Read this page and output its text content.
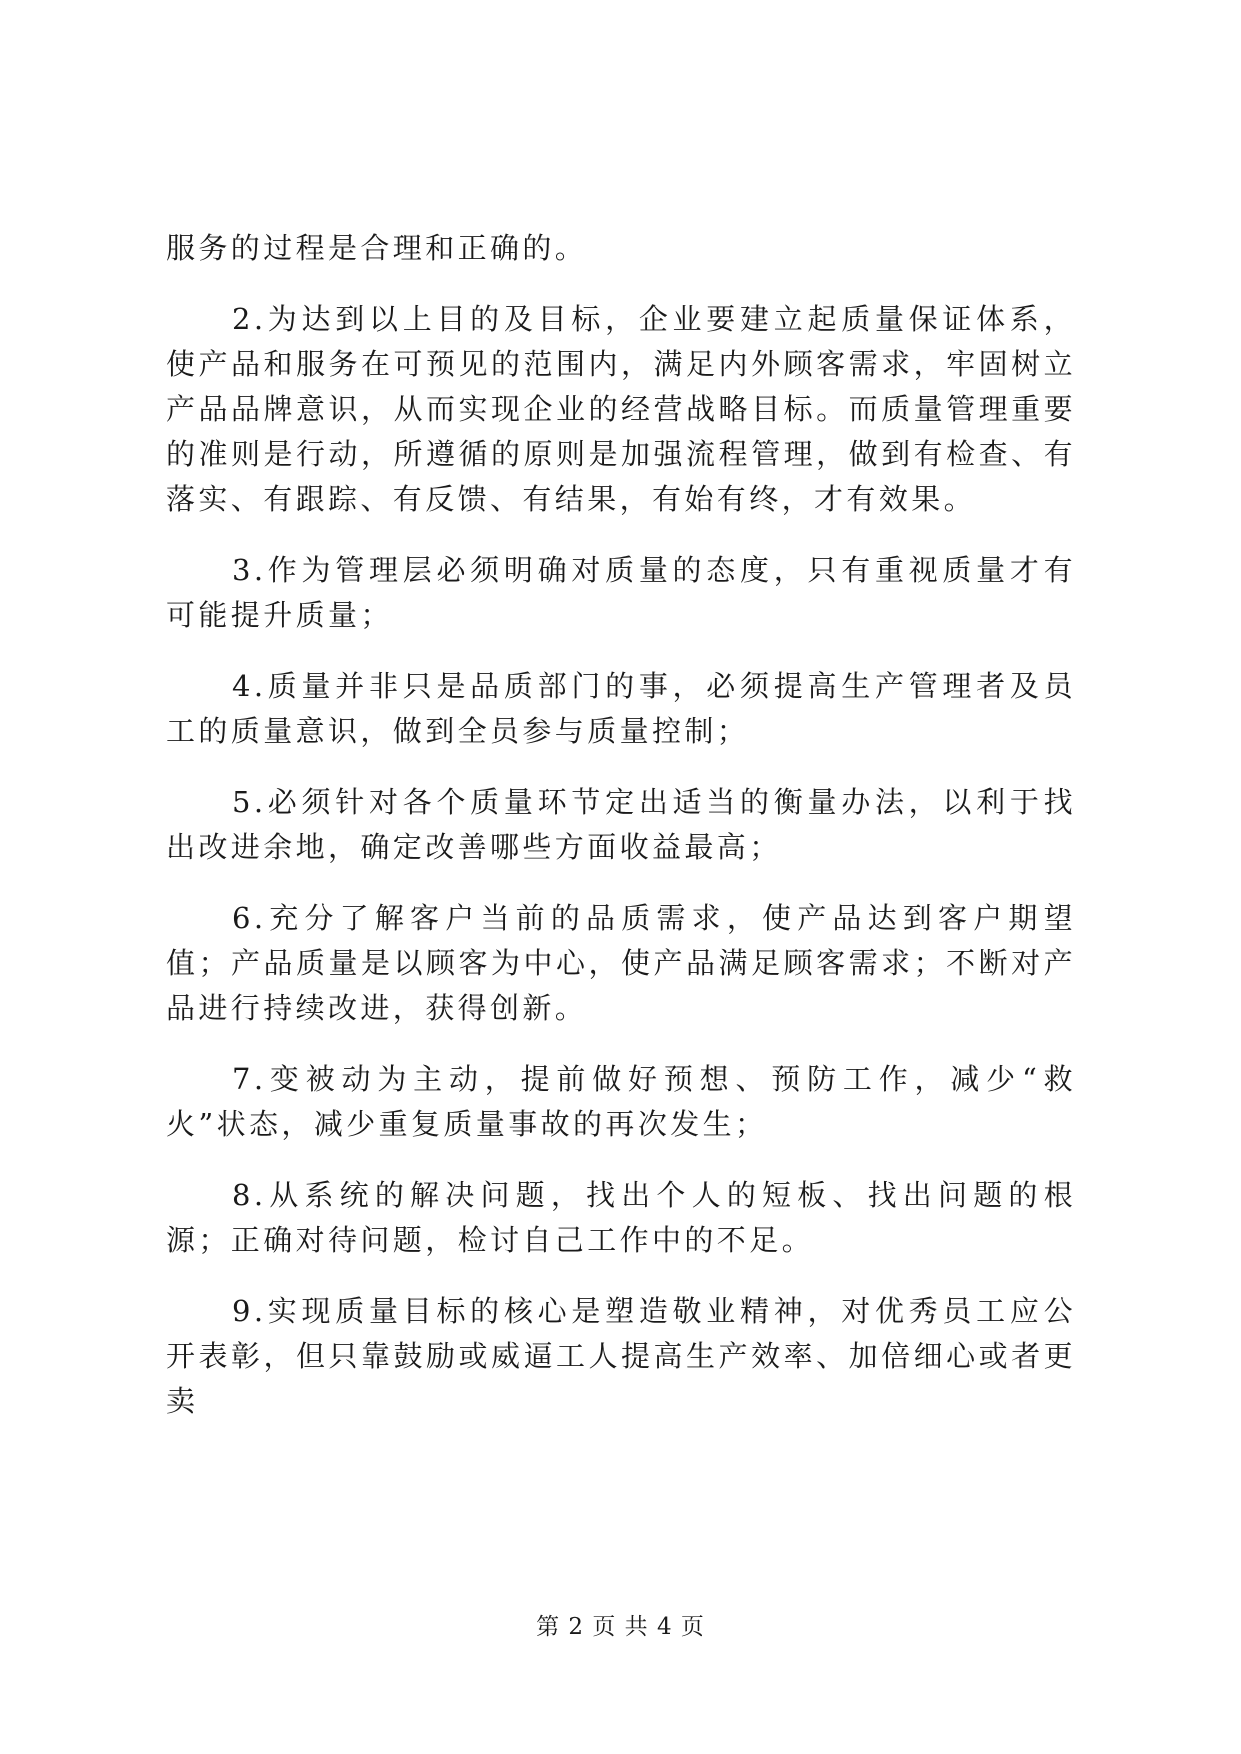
服务的过程是合理和正确的。

2.为达到以上目的及目标，企业要建立起质量保证体系，使产品和服务在可预见的范围内，满足内外顾客需求，牢固树立产品品牌意识，从而实现企业的经营战略目标。而质量管理重要的准则是行动，所遵循的原则是加强流程管理，做到有检查、有落实、有跟踪、有反馈、有结果，有始有终，才有效果。

3.作为管理层必须明确对质量的态度，只有重视质量才有可能提升质量；

4.质量并非只是品质部门的事，必须提高生产管理者及员工的质量意识，做到全员参与质量控制；

5.必须针对各个质量环节定出适当的衡量办法，以利于找出改进余地，确定改善哪些方面收益最高；

6.充分了解客户当前的品质需求，使产品达到客户期望值；产品质量是以顾客为中心，使产品满足顾客需求；不断对产品进行持续改进，获得创新。

7.变被动为主动，提前做好预想、预防工作，减少“救火”状态，减少重复质量事故的再次发生；

8.从系统的解决问题，找出个人的短板、找出问题的根源；正确对待问题，检讨自己工作中的不足。

9.实现质量目标的核心是塑造敬业精神，对优秀员工应公开表彰，但只靠鼓励或威逼工人提高生产效率、加倍细心或者更卖

第 2 页 共 4 页
